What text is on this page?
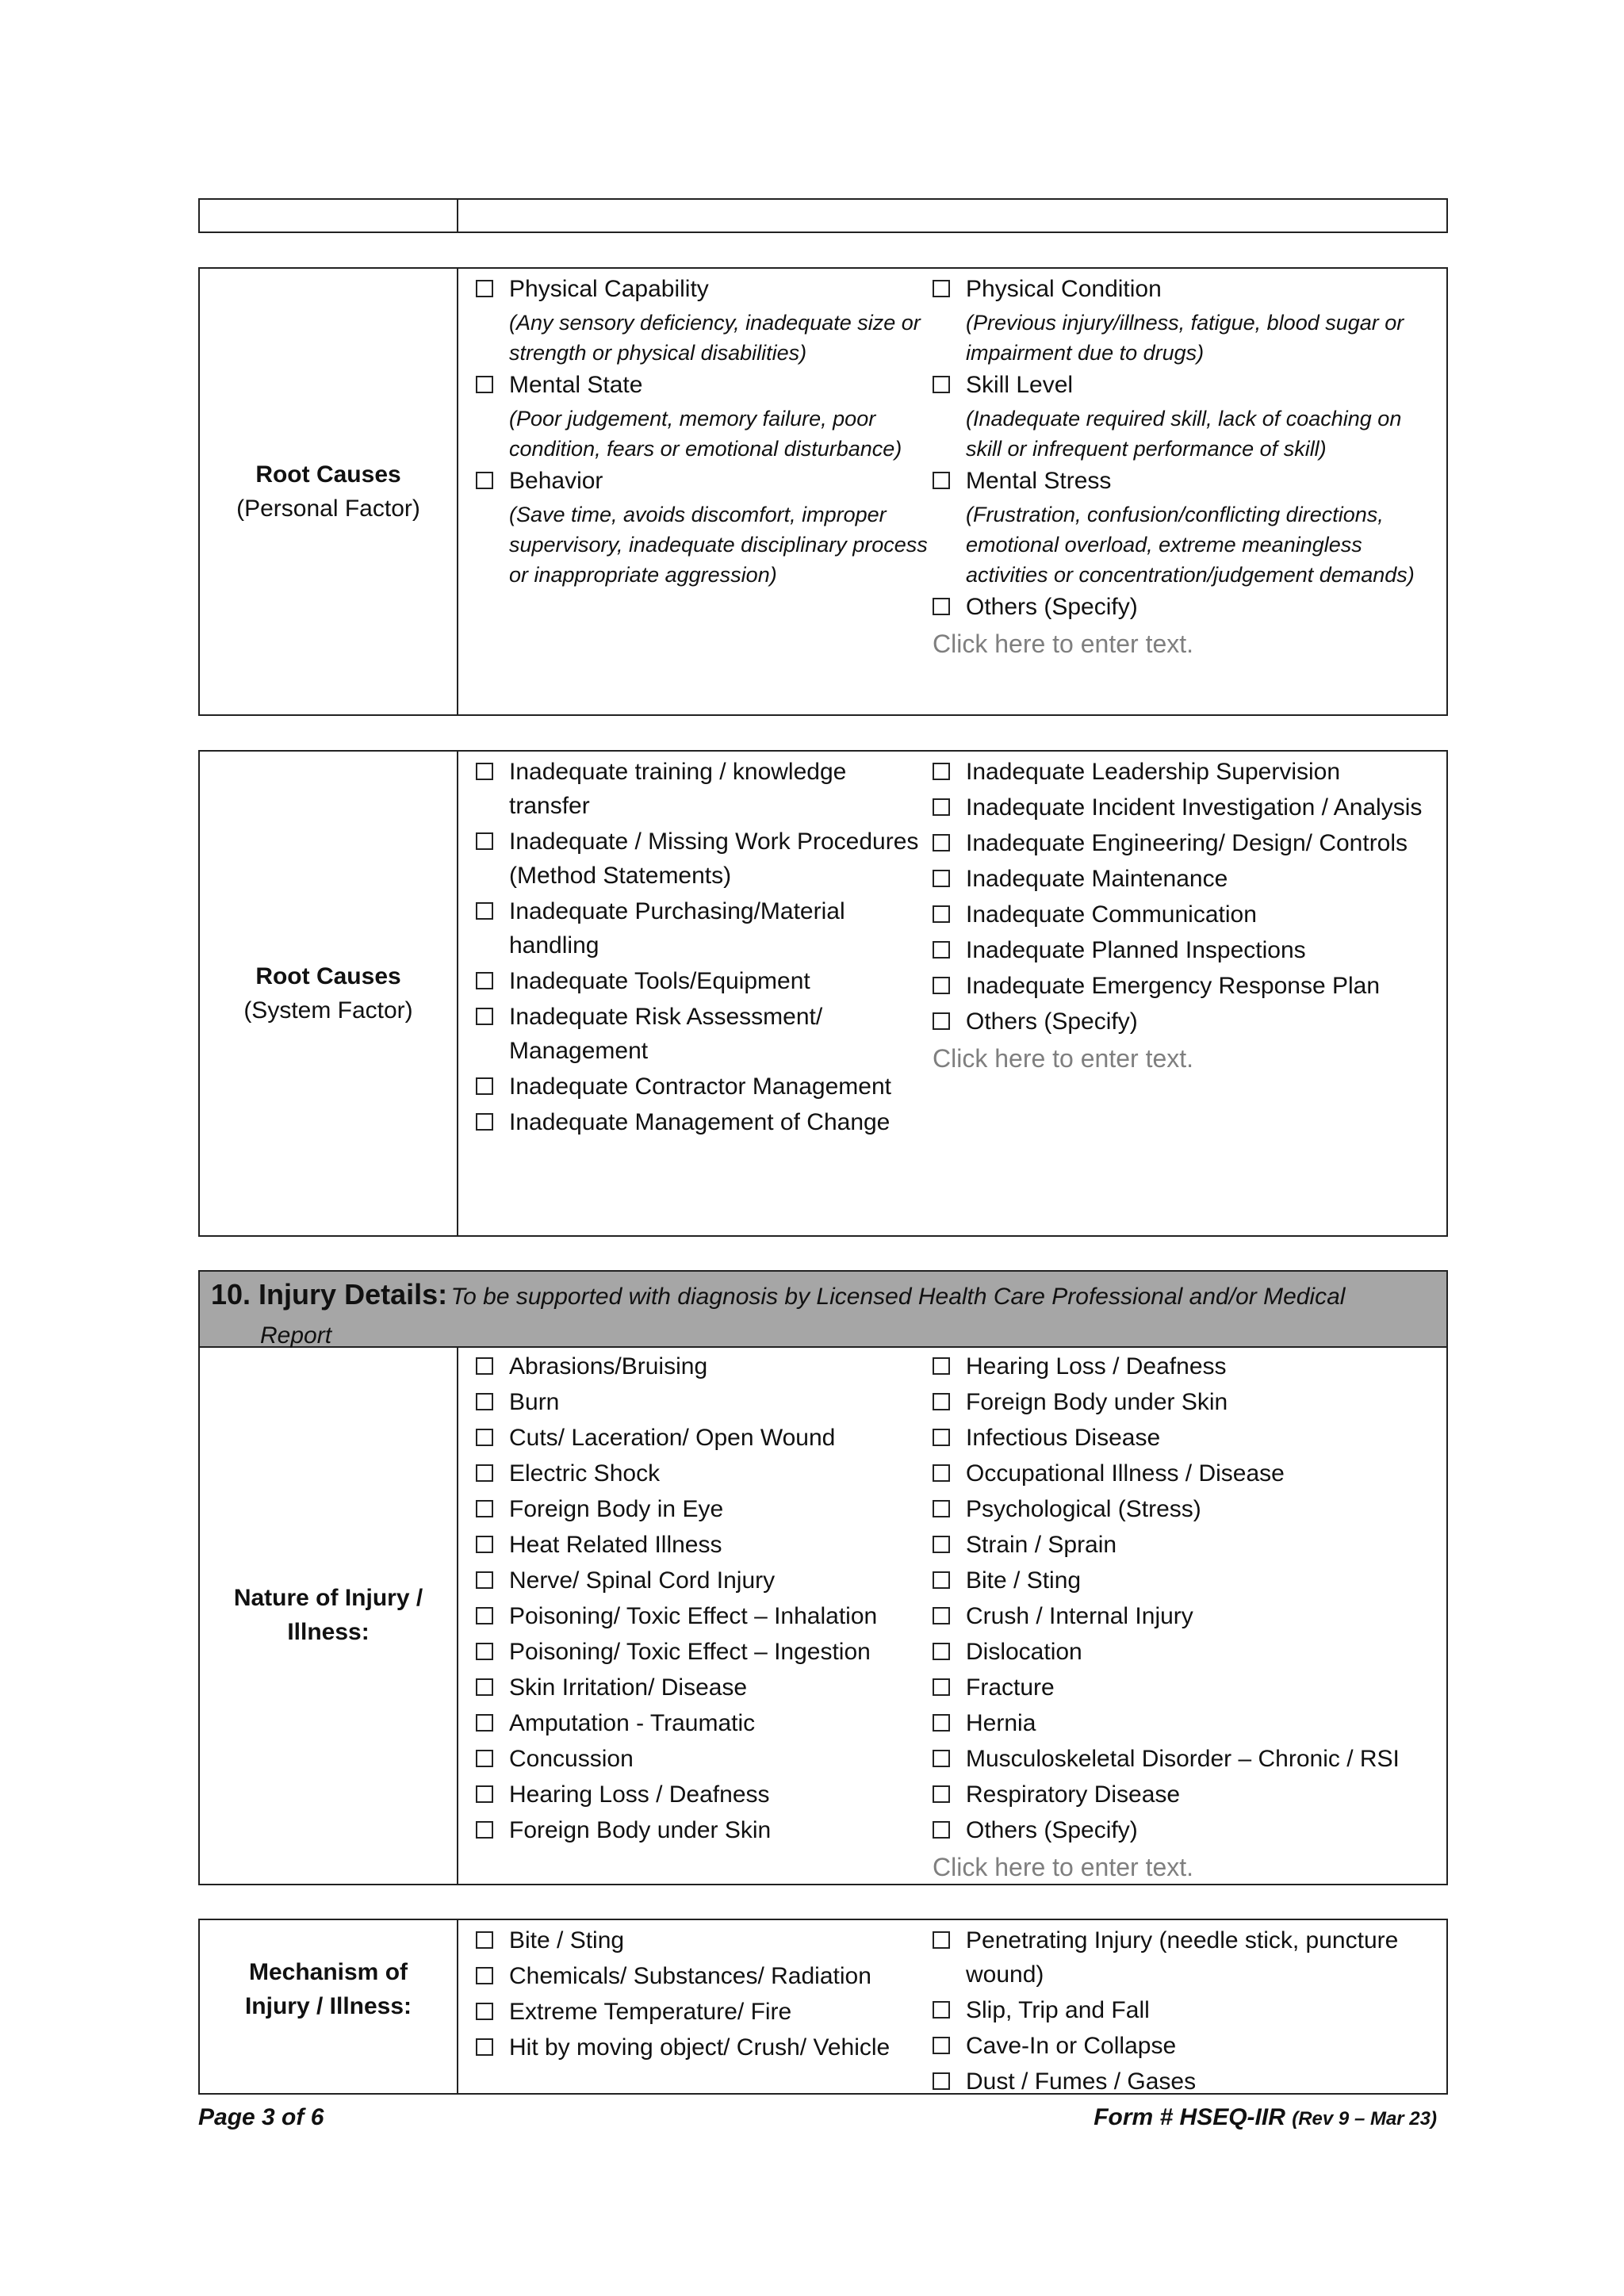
Root Causes
(Personal Factor)
Physical Capability
(Any sensory deficiency, inadequate size or strength or physical disabilities)
Mental State
(Poor judgement, memory failure, poor condition, fears or emotional disturbance)
Behavior
(Save time, avoids discomfort, improper supervisory, inadequate disciplinary process or inappropriate aggression)
Physical Condition
(Previous injury/illness, fatigue, blood sugar or impairment due to drugs)
Skill Level
(Inadequate required skill, lack of coaching on skill or infrequent performance of skill)
Mental Stress
(Frustration, confusion/conflicting directions, emotional overload, extreme meaningless activities or concentration/judgement demands)
Others (Specify)
Click here to enter text.
Root Causes
(System Factor)
Inadequate training / knowledge transfer
Inadequate / Missing Work Procedures (Method Statements)
Inadequate Purchasing/Material handling
Inadequate Tools/Equipment
Inadequate Risk Assessment/ Management
Inadequate Contractor Management
Inadequate Management of Change
Inadequate Leadership Supervision
Inadequate Incident Investigation / Analysis
Inadequate Engineering/ Design/ Controls
Inadequate Maintenance
Inadequate Communication
Inadequate Planned Inspections
Inadequate Emergency Response Plan
Others (Specify)
Click here to enter text.
10. Injury Details: To be supported with diagnosis by Licensed Health Care Professional and/or Medical
Report
Nature of Injury / Illness:
Abrasions/Bruising
Burn
Cuts/ Laceration/ Open Wound
Electric Shock
Foreign Body in Eye
Heat Related Illness
Nerve/ Spinal Cord Injury
Poisoning/ Toxic Effect – Inhalation
Poisoning/ Toxic Effect – Ingestion
Skin Irritation/ Disease
Amputation - Traumatic
Concussion
Hearing Loss / Deafness
Foreign Body under Skin
Hearing Loss / Deafness
Foreign Body under Skin
Infectious Disease
Occupational Illness / Disease
Psychological (Stress)
Strain / Sprain
Bite / Sting
Crush / Internal Injury
Dislocation
Fracture
Hernia
Musculoskeletal Disorder – Chronic / RSI
Respiratory Disease
Others (Specify)
Click here to enter text.
Mechanism of Injury / Illness:
Bite / Sting
Chemicals/ Substances/ Radiation
Extreme Temperature/ Fire
Hit by moving object/ Crush/ Vehicle
Penetrating Injury (needle stick, puncture wound)
Slip, Trip and Fall
Cave-In or Collapse
Dust / Fumes / Gases
Page 3 of 6	Form # HSEQ-IIR (Rev 9 – Mar 23)
